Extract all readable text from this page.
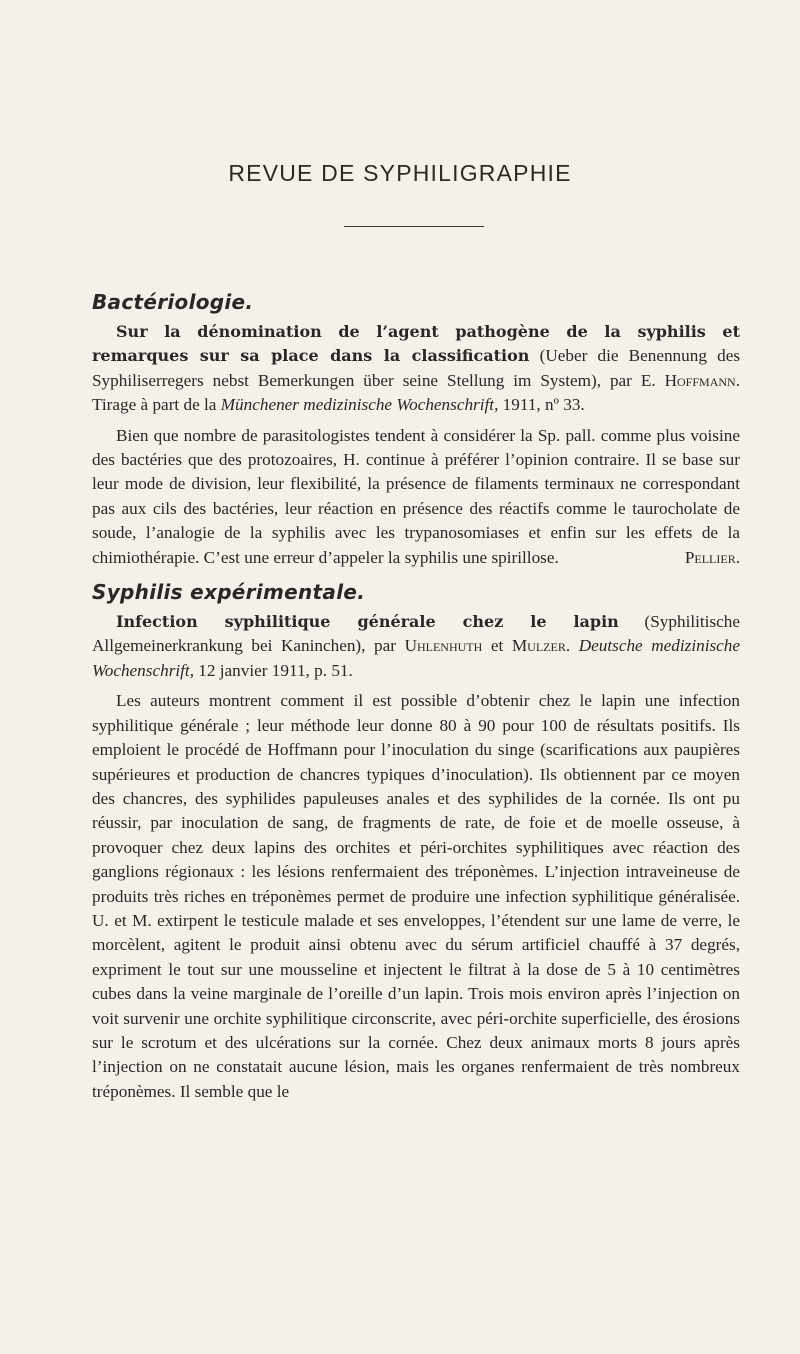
REVUE DE SYPHILIGRAPHIE
Bactériologie.

Sur la dénomination de l’agent pathogène de la syphilis et remarques sur sa place dans la classification (Ueber die Benennung des Syphiliserregers nebst Bemerkungen über seine Stellung im System), par E. Hoffmann. Tirage à part de la Münchener medizinische Wochenschrift, 1911, nº 33.

Bien que nombre de parasitologistes tendent à considérer la Sp. pall. comme plus voisine des bactéries que des protozoaires, H. continue à préférer l’opinion contraire. Il se base sur leur mode de division, leur flexibilité, la présence de filaments terminaux ne correspondant pas aux cils des bactéries, leur réaction en présence des réactifs comme le taurocholate de soude, l’analogie de la syphilis avec les trypanosomiases et enfin sur les effets de la chimiothérapie. C’est une erreur d’appeler la syphilis une spirillose.	Pellier.
Syphilis expérimentale.

Infection syphilitique générale chez le lapin (Syphilitische Allgemeinerkrankung bei Kaninchen), par Uhlenhuth et Mulzer. Deutsche medizinische Wochenschrift, 12 janvier 1911, p. 51.

Les auteurs montrent comment il est possible d’obtenir chez le lapin une infection syphilitique générale ; leur méthode leur donne 80 à 90 pour 100 de résultats positifs. Ils emploient le procédé de Hoffmann pour l’inoculation du singe (scarifications aux paupières supérieures et production de chancres typiques d’inoculation). Ils obtiennent par ce moyen des chancres, des syphilides papuleuses anales et des syphilides de la cornée. Ils ont pu réussir, par inoculation de sang, de fragments de rate, de foie et de moelle osseuse, à provoquer chez deux lapins des orchites et péri-orchites syphilitiques avec réaction des ganglions régionaux : les lésions renfermaient des tréponèmes. L’injection intraveineuse de produits très riches en tréponèmes permet de produire une infection syphilitique généralisée. U. et M. extirpent le testicule malade et ses enveloppes, l’étendent sur une lame de verre, le morcèlent, agitent le produit ainsi obtenu avec du sérum artificiel chauffé à 37 degrés, expriment le tout sur une mousseline et injectent le filtrat à la dose de 5 à 10 centimètres cubes dans la veine marginale de l’oreille d’un lapin. Trois mois environ après l’injection on voit survenir une orchite syphilitique circonscrite, avec péri-orchite superficielle, des érosions sur le scrotum et des ulcérations sur la cornée. Chez deux animaux morts 8 jours après l’injection on ne constatait aucune lésion, mais les organes renfermaient de très nombreux tréponèmes. Il semble que le
